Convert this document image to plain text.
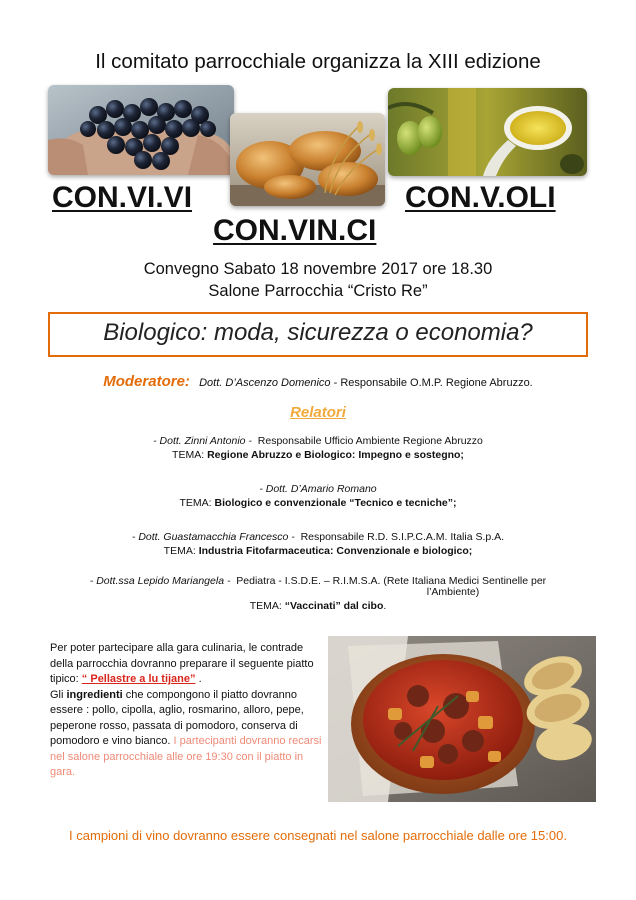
Il comitato parrocchiale organizza la XIII edizione
CON.VI.VI
CON.VIN.CI
CON.V.OLI
Convegno Sabato 18 novembre 2017 ore 18.30
Salone Parrocchia “Cristo Re”
Biologico: moda, sicurezza o economia?
Moderatore: Dott. D’Ascenzo Domenico - Responsabile O.M.P. Regione Abruzzo.
Relatori
- Dott. Zinni Antonio - Responsabile Ufficio Ambiente Regione Abruzzo
TEMA: Regione Abruzzo e Biologico: Impegno e sostegno;
- Dott. D’Amario Romano
TEMA: Biologico e convenzionale “Tecnico e tecniche”;
- Dott. Guastamacchia Francesco - Responsabile R.D. S.I.P.C.A.M. Italia S.p.A.
TEMA: Industria Fitofarmaceutica: Convenzionale e biologico;
- Dott.ssa Lepido Mariangela - Pediatra - I.S.D.E. – R.I.M.S.A. (Rete Italiana Medici Sentinelle per
l’Ambiente)
TEMA: “Vaccinati” dal cibo.
Per poter partecipare alla gara culinaria, le contrade della parrocchia dovranno preparare il seguente piatto tipico: “ Pellastre a lu tijane” .
Gli ingredienti che compongono il piatto dovranno essere : pollo, cipolla, aglio, rosmarino, alloro, pepe, peperone rosso, passata di pomodoro, conserva di pomodoro e vino bianco. I partecipanti dovranno recarsi nel salone parrocchiale alle ore 19:30 con il piatto in gara.
I campioni di vino dovranno essere consegnati nel salone parrocchiale dalle ore 15:00.
